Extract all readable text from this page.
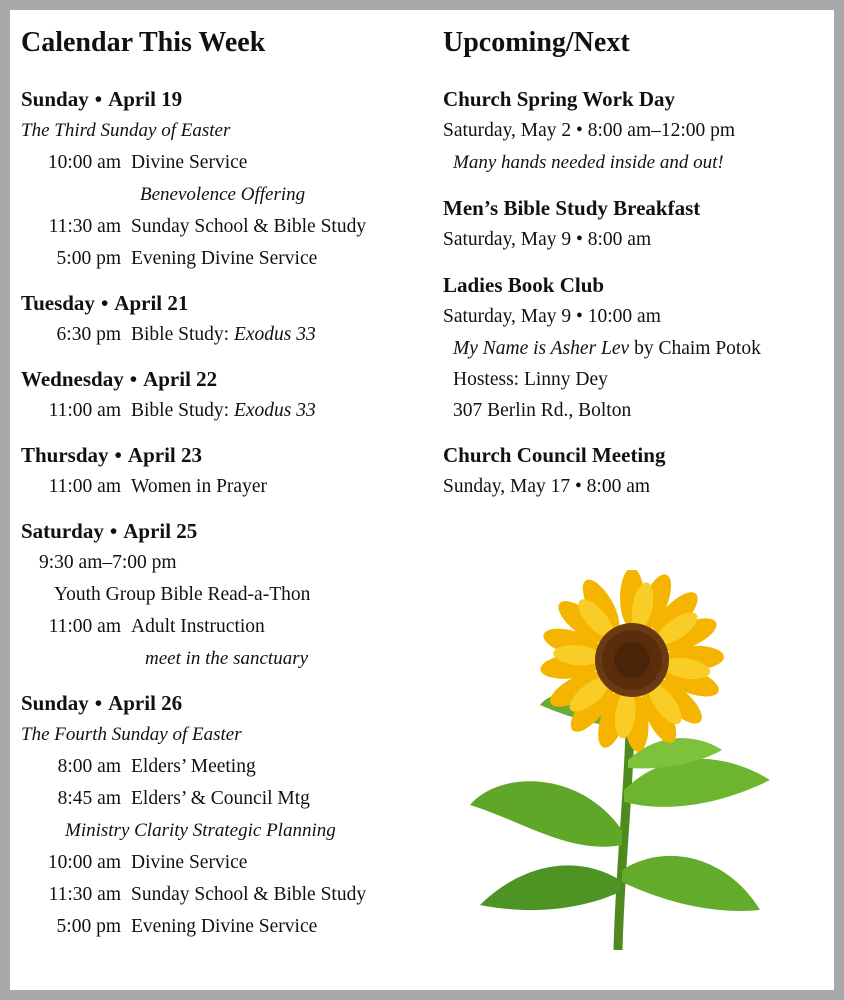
Calendar This Week
Sunday • April 19
The Third Sunday of Easter
10:00 am Divine Service
Benevolence Offering
11:30 am Sunday School & Bible Study
5:00 pm Evening Divine Service
Tuesday • April 21
6:30 pm Bible Study: Exodus 33
Wednesday • April 22
11:00 am Bible Study: Exodus 33
Thursday • April 23
11:00 am Women in Prayer
Saturday • April 25
9:30 am–7:00 pm
Youth Group Bible Read-a-Thon
11:00 am Adult Instruction
meet in the sanctuary
Sunday • April 26
The Fourth Sunday of Easter
8:00 am Elders’ Meeting
8:45 am Elders’ & Council Mtg
Ministry Clarity Strategic Planning
10:00 am Divine Service
11:30 am Sunday School & Bible Study
5:00 pm Evening Divine Service
Upcoming/Next
Church Spring Work Day
Saturday, May 2 • 8:00 am–12:00 pm
Many hands needed inside and out!
Men’s Bible Study Breakfast
Saturday, May 9 • 8:00 am
Ladies Book Club
Saturday, May 9 • 10:00 am
My Name is Asher Lev by Chaim Potok
Hostess: Linny Dey
307 Berlin Rd., Bolton
Church Council Meeting
Sunday, May 17 • 8:00 am
